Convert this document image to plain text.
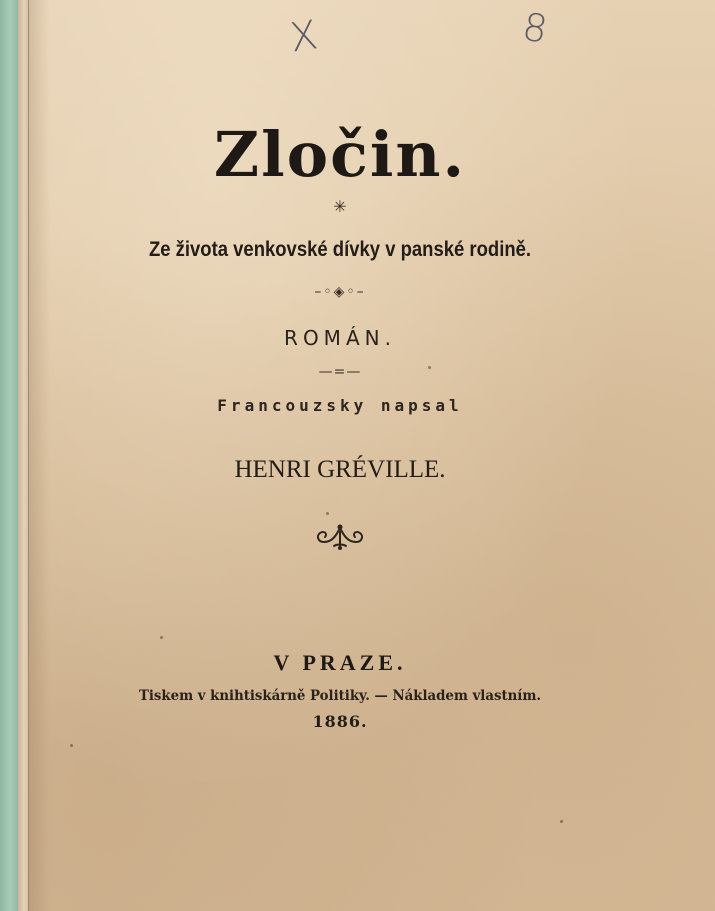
X	8
Zločin.
✳
Ze života venkovské dívky v panské rodině.
–◦◈◦–
ROMÁN.
—=—
Francouzsky napsal
HENRI GRÉVILLE.
V PRAZE.
Tiskem v knihtiskárně Politiky. — Nákladem vlastním.
1886.
